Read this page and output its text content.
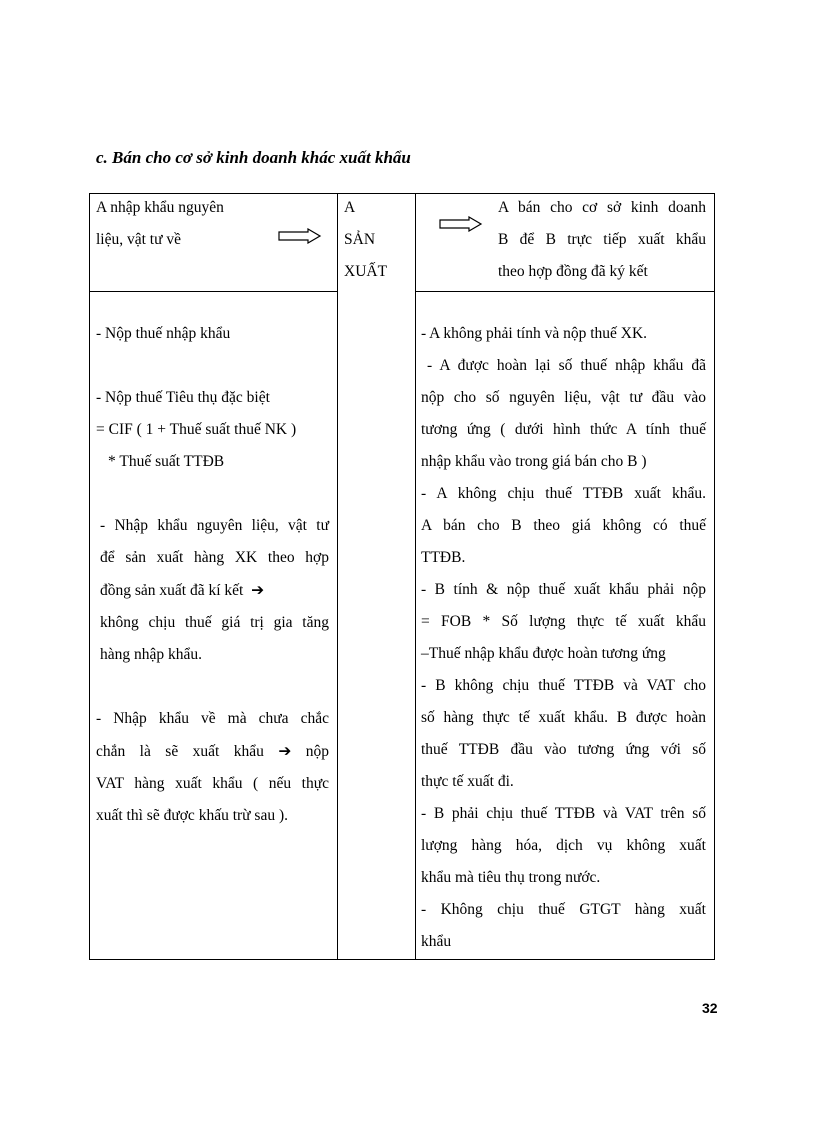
c. Bán cho cơ sở kinh doanh khác xuất khẩu
A nhập khẩu nguyên
liệu, vật tư về
A
SẢN
XUẤT

A bán cho cơ sở kinh doanh

B để B trực tiếp xuất khẩu

theo hợp đồng đã ký kết

- Nộp thuế nhập khẩu

- Nộp thuế Tiêu thụ đặc biệt

= CIF ( 1 + Thuế suất thuế NK )

* Thuế suất TTĐB

- Nhập khẩu nguyên liệu, vật tư

để sản xuất hàng XK theo hợp

đồng sản xuất đã kí kết ➔

không chịu thuế giá trị gia tăng

hàng nhập khẩu.

- Nhập khẩu về mà chưa chắc

chắn là sẽ xuất khẩu ➔ nộp

VAT hàng xuất khẩu ( nếu thực

xuất thì sẽ được khấu trừ sau ).

- A không phải tính và nộp thuế XK.

- A được hoàn lại số thuế nhập khẩu đã

nộp cho số nguyên liệu, vật tư đầu vào

tương ứng ( dưới hình thức A tính thuế

nhập khẩu vào trong giá bán cho B )

- A không chịu thuế TTĐB xuất khẩu.

A bán cho B theo giá không có thuế

TTĐB.

- B tính & nộp thuế xuất khẩu phải nộp

= FOB * Số lượng thực tế xuất khẩu

–Thuế nhập khẩu được hoàn tương ứng

- B không chịu thuế TTĐB và VAT cho

số hàng thực tế xuất khẩu. B được hoàn

thuế TTĐB đầu vào tương ứng với số

thực tế xuất đi.

- B phải chịu thuế TTĐB và VAT trên số

lượng hàng hóa, dịch vụ không xuất

khẩu mà tiêu thụ trong nước.

- Không chịu thuế GTGT hàng xuất

khẩu

32
